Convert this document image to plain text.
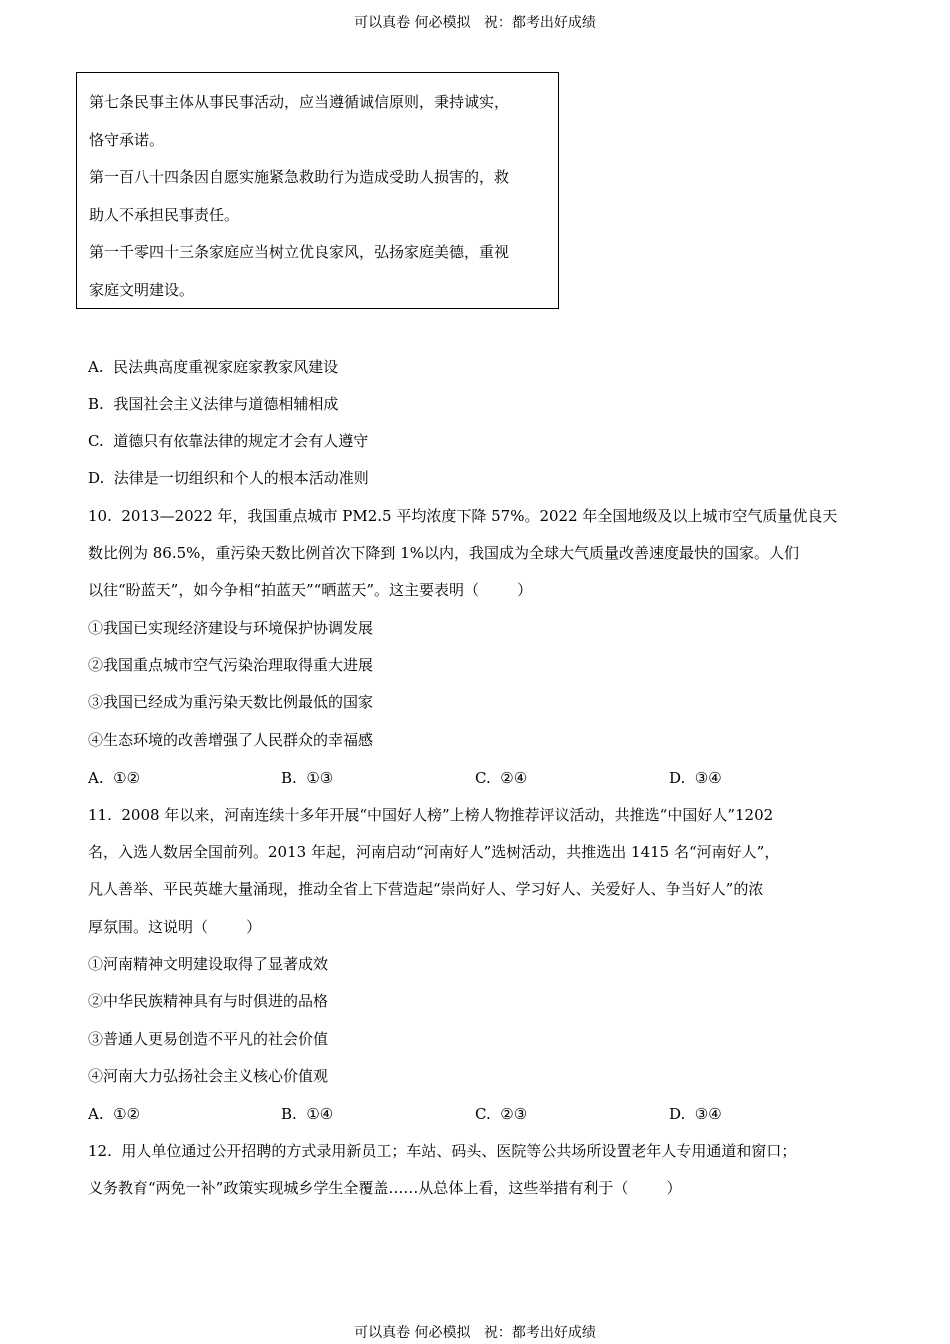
可以真卷 何必模拟   祝：都考出好成绩

第七条民事主体从事民事活动，应当遵循诚信原则，秉持诚实，

恪守承诺。

第一百八十四条因自愿实施紧急救助行为造成受助人损害的，救

助人不承担民事责任。

第一千零四十三条家庭应当树立优良家风，弘扬家庭美德，重视

家庭文明建设。

A.  民法典高度重视家庭家教家风建设
B.  我国社会主义法律与道德相辅相成
C.  道德只有依靠法律的规定才会有人遵守
D.  法律是一切组织和个人的根本活动准则
10.  2013—2022 年，我国重点城市 PM2.5 平均浓度下降 57%。2022 年全国地级及以上城市空气质量优良天
数比例为 86.5%，重污染天数比例首次下降到 1%以内，我国成为全球大气质量改善速度最快的国家。人们
以往“盼蓝天”，如今争相“拍蓝天”“晒蓝天”。这主要表明（        ）
①我国已实现经济建设与环境保护协调发展
②我国重点城市空气污染治理取得重大进展
③我国已经成为重污染天数比例最低的国家
④生态环境的改善增强了人民群众的幸福感
A.  ①②	B.  ①③	C.  ②④	D.  ③④
11.  2008 年以来，河南连续十多年开展“中国好人榜”上榜人物推荐评议活动，共推选“中国好人”1202
名，入选人数居全国前列。2013 年起，河南启动“河南好人”选树活动，共推选出 1415 名“河南好人”，
凡人善举、平民英雄大量涌现，推动全省上下营造起“崇尚好人、学习好人、关爱好人、争当好人”的浓
厚氛围。这说明（        ）
①河南精神文明建设取得了显著成效
②中华民族精神具有与时俱进的品格
③普通人更易创造不平凡的社会价值
④河南大力弘扬社会主义核心价值观
A.  ①②	B.  ①④	C.  ②③	D.  ③④
12.  用人单位通过公开招聘的方式录用新员工；车站、码头、医院等公共场所设置老年人专用通道和窗口；
义务教育“两免一补”政策实现城乡学生全覆盖……从总体上看，这些举措有利于（        ）
可以真卷 何必模拟   祝：都考出好成绩
